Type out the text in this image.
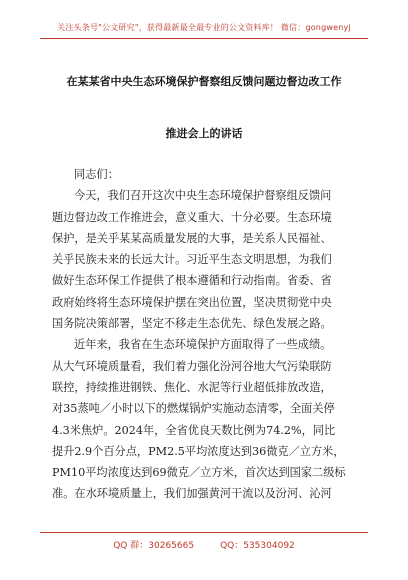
关注头条号"公文研究"，获得最新最全最专业的公文资料库！ 微信：gongwenyj
在某某省中央生态环境保护督察组反馈问题边督边改工作
推进会上的讲话
同志们：
今天，我们召开这次中央生态环境保护督察组反馈问
题边督边改工作推进会，意义重大、十分必要。生态环境
保护，是关乎某某高质量发展的大事，是关系人民福祉、
关乎民族未来的长远大计。习近平生态文明思想，为我们
做好生态环保工作提供了根本遵循和行动指南。省委、省
政府始终将生态环境保护摆在突出位置，坚决贯彻党中央
国务院决策部署，坚定不移走生态优先、绿色发展之路。
近年来，我省在生态环境保护方面取得了一些成绩。
从大气环境质量看，我们着力强化汾河谷地大气污染联防
联控，持续推进钢铁、焦化、水泥等行业超低排放改造，
对35蒸吨／小时以下的燃煤锅炉实施动态清零，全面关停
4.3米焦炉。2024年，全省优良天数比例为74.2%，同比
提升2.9个百分点，PM2.5平均浓度达到36微克／立方米，
PM10平均浓度达到69微克／立方米，首次达到国家二级标
准。在水环境质量上，我们加强黄河干流以及汾河、沁河
QQ 群：30265665	QQ：535304092
